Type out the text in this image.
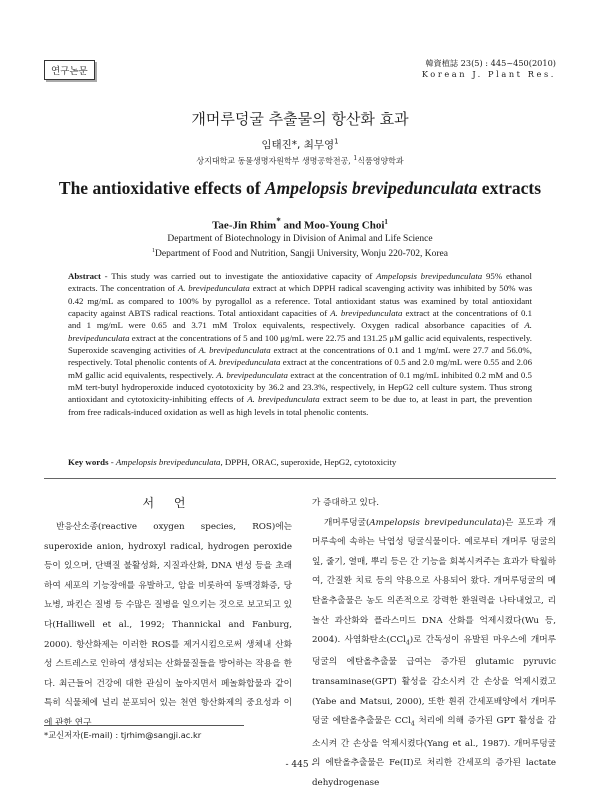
연구논문
韓資植誌 23(5) : 445~450(2010)
Korean J. Plant Res.
개머루덩굴 추출물의 항산화 효과
임태진*, 최무영$^1$
상지대학교 동물생명자원학부 생명공학전공, $^1$식품영양학과
The antioxidative effects of Ampelopsis brevipedunculata extracts
Tae-Jin Rhim* and Moo-Young Choi$^1$
Department of Biotechnology in Division of Animal and Life Science
$^1$Department of Food and Nutrition, Sangji University, Wonju 220-702, Korea

Abstract - This study was carried out to investigate the antioxidative capacity of Ampelopsis brevipedunculata 95% ethanol extracts. The concentration of A. brevipedunculata extract at which DPPH radical scavenging activity was inhibited by 50% was 0.42 mg/mL as compared to 100% by pyrogallol as a reference. Total antioxidant status was examined by total antioxidant capacity against ABTS radical reactions. Total antioxidant capacities of A. brevipedunculata extract at the concentrations of 0.1 and 1 mg/mL were 0.65 and 3.71 mM Trolox equivalents, respectively. Oxygen radical absorbance capacities of A. brevipedunculata extract at the concentrations of 5 and 100 μg/mL were 22.75 and 131.25 μM gallic acid equivalents, respectively. Superoxide scavenging activities of A. brevipedunculata extract at the concentrations of 0.1 and 1 mg/mL were 27.7 and 56.0%, respectively. Total phenolic contents of A. brevipedunculata extract at the concentrations of 0.5 and 2.0 mg/mL were 0.55 and 2.06 mM gallic acid equivalents, respectively. A. brevipedunculata extract at the concentration of 0.1 mg/mL inhibited 0.2 mM and 0.5 mM tert-butyl hydroperoxide induced cyototoxicity by 36.2 and 23.3%, respectively, in HepG2 cell culture system. Thus strong antioxidant and cytotoxicity-inhibiting effects of A. brevipedunculata extract seem to be due to, at least in part, the prevention from free radicals-induced oxidation as well as high levels in total phenolic contents.

Key words - Ampelopsis brevipedunculata, DPPH, ORAC, superoxide, HepG2, cytotoxicity

서 언

반응산소종(reactive oxygen species, ROS)에는 superoxide anion, hydroxyl radical, hydrogen peroxide 등이 있으며, 단백질 불활성화, 지질과산화, DNA 변성 등을 초래하여 세포의 기능장애를 유발하고, 암을 비롯하여 동맥경화증, 당뇨병, 파킨슨 질병 등 수많은 질병을 일으키는 것으로 보고되고 있다(Halliwell et al., 1992; Thannickal and Fanburg, 2000). 항산화제는 이러한 ROS를 제거시킴으로써 생체내 산화성 스트레스로 인하여 생성되는 산화물질들을 방어하는 작용을 한다. 최근들어 건강에 대한 관심이 높아지면서 페놀화합물과 같이 특히 식물체에 널리 분포되어 있는 천연 항산화제의 중요성과 이에 관한 연구

가 증대하고 있다.

개머루덩굴(Ampelopsis brevipedunculata)은 포도과 개머루속에 속하는 낙엽성 덩굴식물이다. 예로부터 개머루 덩굴의 잎, 줄기, 열매, 뿌리 등은 간 기능을 회복시켜주는 효과가 탁월하여, 간질환 치료 등의 약용으로 사용되어 왔다. 개머루덩굴의 메탄올추출물은 농도 의존적으로 강력한 환원력을 나타내었고, 리놀산 과산화와 플라스미드 DNA 산화를 억제시켰다(Wu 등, 2004). 사염화탄소(CCl$_4$)로 간독성이 유발된 마우스에 개머루덩굴의 에탄올추출물 급여는 증가된 glutamic pyruvic transaminase(GPT) 활성을 감소시켜 간 손상을 억제시켰고(Yabe and Matsui, 2000), 또한 흰쥐 간세포배양에서 개머루덩굴 에탄올추출물은 CCl$_4$ 처리에 의해 증가된 GPT 활성을 감소시켜 간 손상을 억제시켰다(Yang et al., 1987). 개머루덩굴의 에탄올추출물은 Fe(II)로 처리한 간세포의 증가된 lactate dehydrogenase

*교신저자(E-mail) : tjrhim@sangji.ac.kr
- 445 -
